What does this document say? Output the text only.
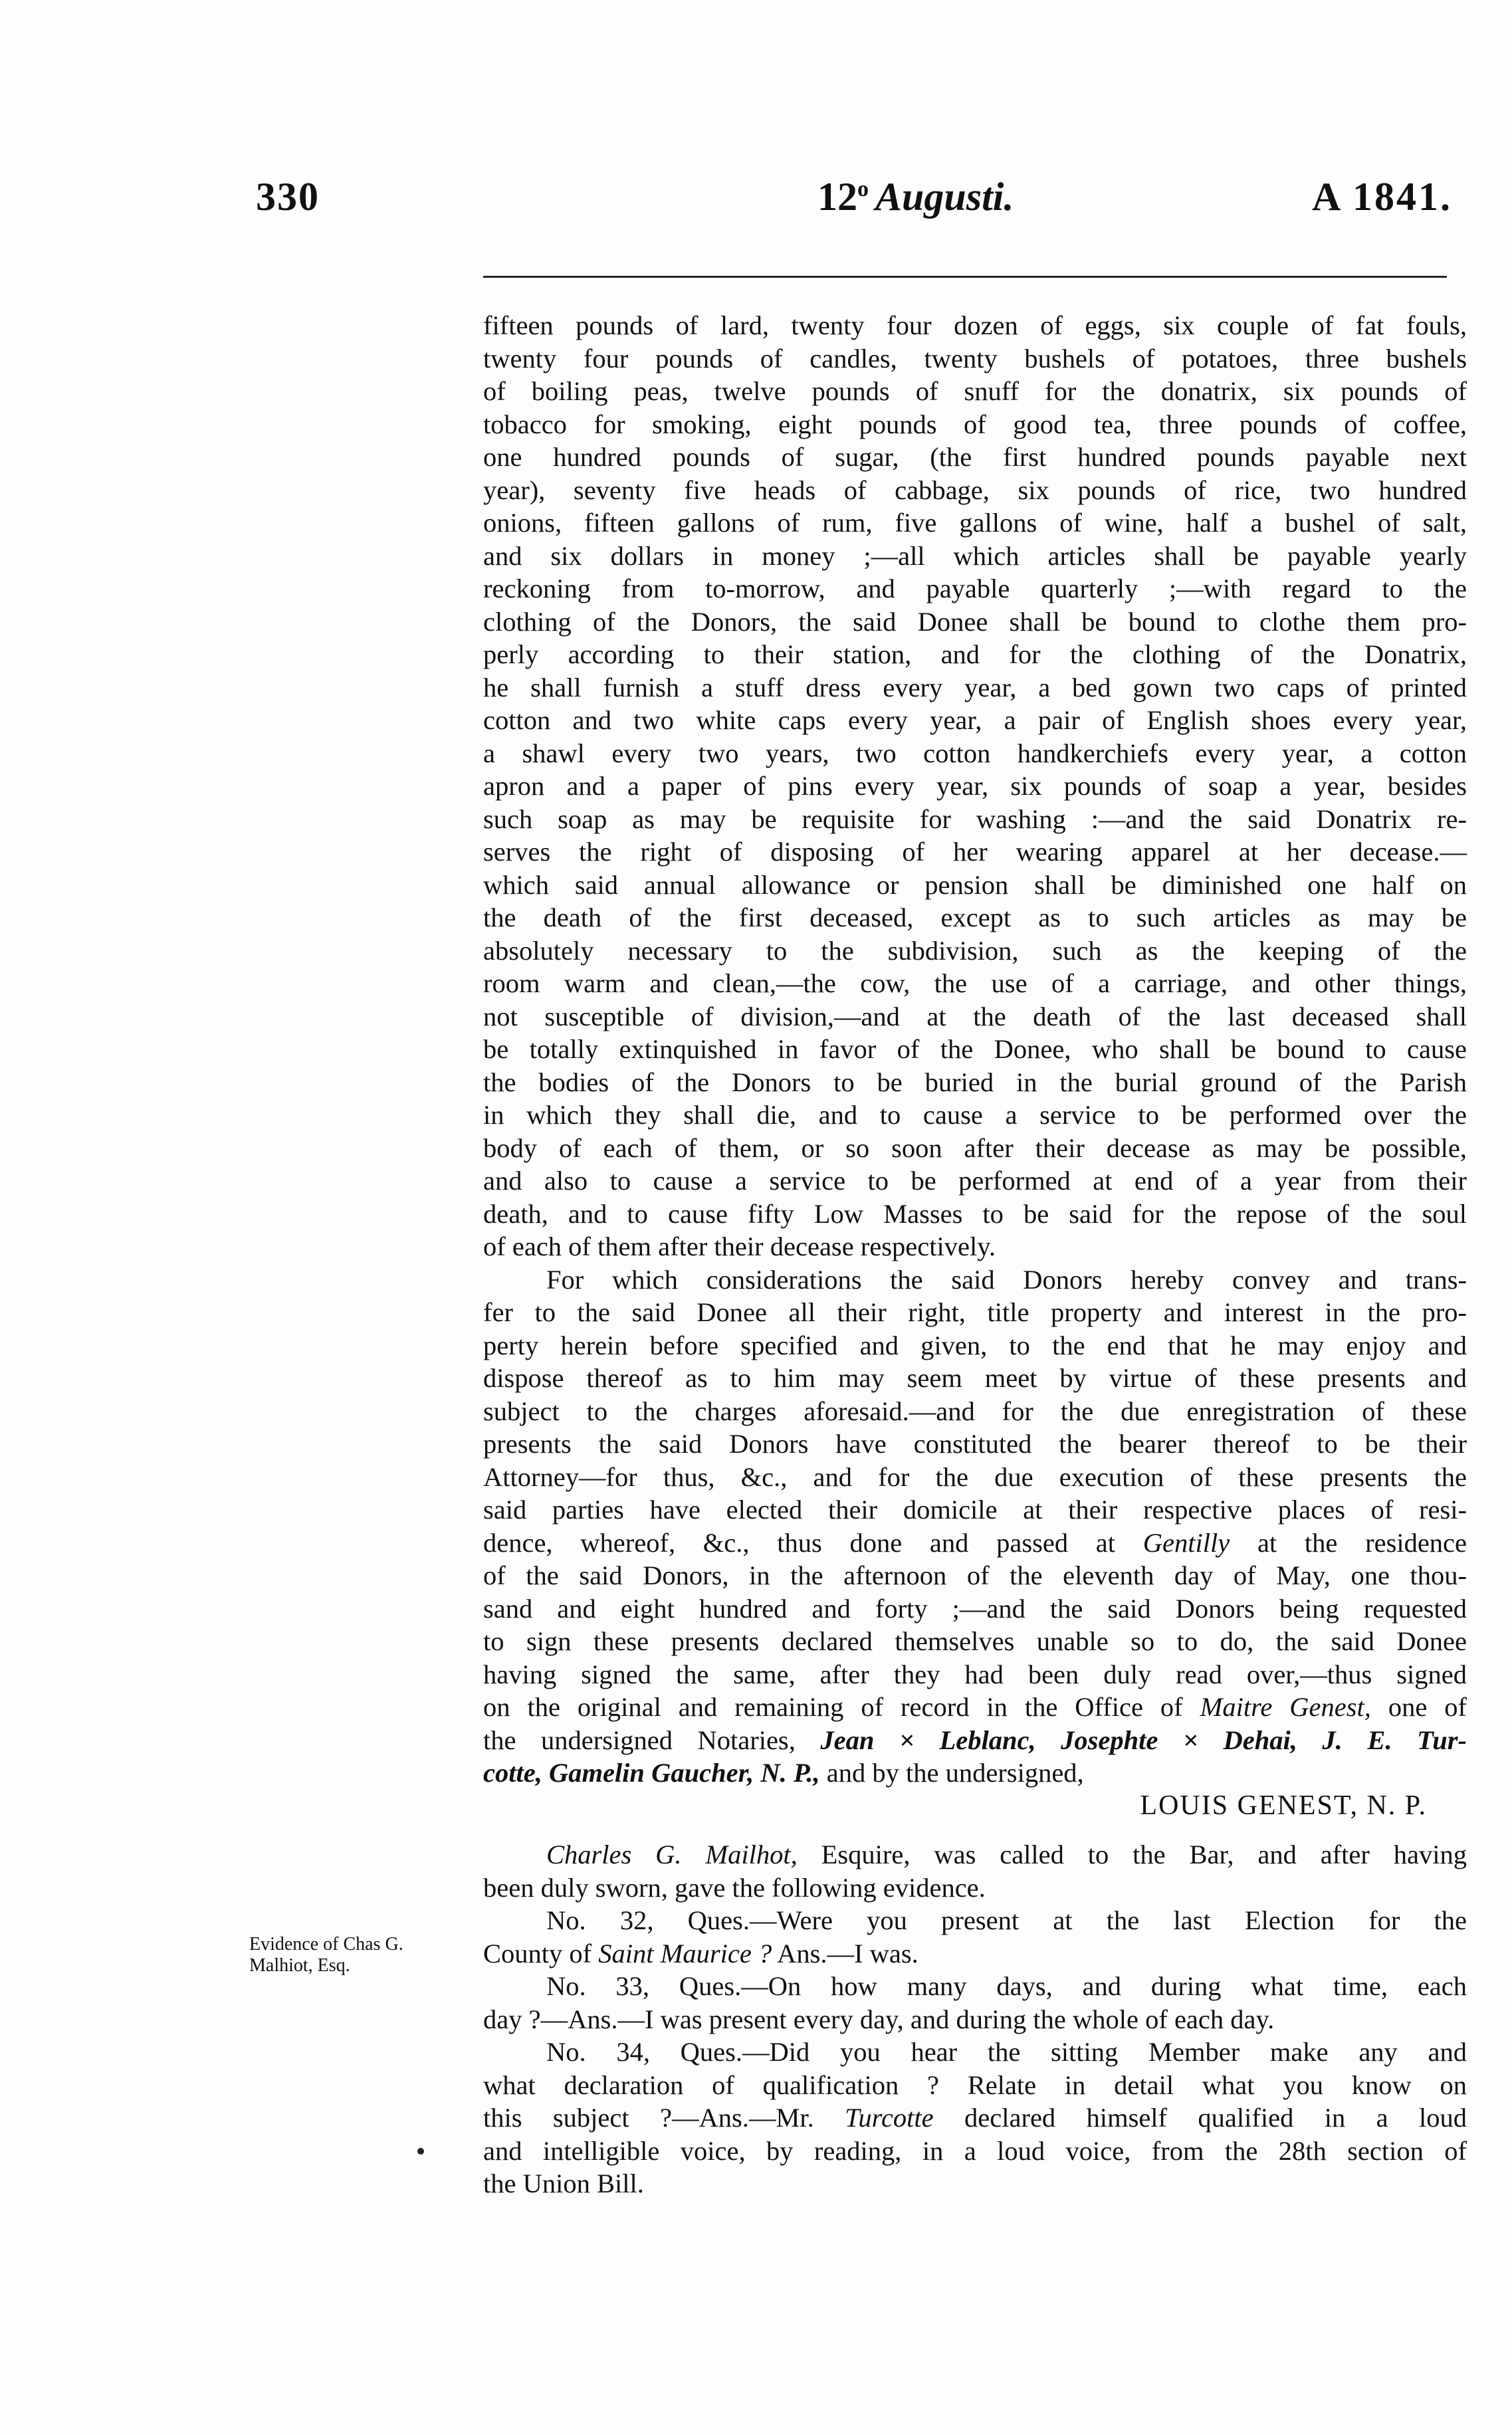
330	12$^o$ Augusti.	A 1841.
fifteen pounds of lard, twenty four dozen of eggs, six couple of fat fouls,
twenty four pounds of candles, twenty bushels of potatoes, three bushels
of boiling peas, twelve pounds of snuff for the donatrix, six pounds of
tobacco for smoking, eight pounds of good tea, three pounds of coffee,
one hundred pounds of sugar, (the first hundred pounds payable next
year), seventy five heads of cabbage, six pounds of rice, two hundred
onions, fifteen gallons of rum, five gallons of wine, half a bushel of salt,
and six dollars in money ;—all which articles shall be payable yearly
reckoning from to-morrow, and payable quarterly ;—with regard to the
clothing of the Donors, the said Donee shall be bound to clothe them pro-
perly according to their station, and for the clothing of the Donatrix,
he shall furnish a stuff dress every year, a bed gown two caps of printed
cotton and two white caps every year, a pair of English shoes every year,
a shawl every two years, two cotton handkerchiefs every year, a cotton
apron and a paper of pins every year, six pounds of soap a year, besides
such soap as may be requisite for washing :—and the said Donatrix re-
serves the right of disposing of her wearing apparel at her decease.—
which said annual allowance or pension shall be diminished one half on
the death of the first deceased, except as to such articles as may be
absolutely necessary to the subdivision, such as the keeping of the
room warm and clean,—the cow, the use of a carriage, and other things,
not susceptible of division,—and at the death of the last deceased shall
be totally extinquished in favor of the Donee, who shall be bound to cause
the bodies of the Donors to be buried in the burial ground of the Parish
in which they shall die, and to cause a service to be performed over the
body of each of them, or so soon after their decease as may be possible,
and also to cause a service to be performed at end of a year from their
death, and to cause fifty Low Masses to be said for the repose of the soul
of each of them after their decease respectively.
For which considerations the said Donors hereby convey and trans-
fer to the said Donee all their right, title property and interest in the pro-
perty herein before specified and given, to the end that he may enjoy and
dispose thereof as to him may seem meet by virtue of these presents and
subject to the charges aforesaid.—and for the due enregistration of these
presents the said Donors have constituted the bearer thereof to be their
Attorney—for thus, &c., and for the due execution of these presents the
said parties have elected their domicile at their respective places of resi-
dence, whereof, &c., thus done and passed at Gentilly at the residence
of the said Donors, in the afternoon of the eleventh day of May, one thou-
sand and eight hundred and forty ;—and the said Donors being requested
to sign these presents declared themselves unable so to do, the said Donee
having signed the same, after they had been duly read over,—thus signed
on the original and remaining of record in the Office of Maitre Genest, one of
the undersigned Notaries, Jean × Leblanc, Josephte × Dehai, J. E. Tur-
cotte, Gamelin Gaucher, N. P., and by the undersigned,
LOUIS GENEST, N. P.
Charles G. Mailhot, Esquire, was called to the Bar, and after having
been duly sworn, gave the following evidence.
No. 32, Ques.—Were you present at the last Election for the
County of Saint Maurice ? Ans.—I was.
No. 33, Ques.—On how many days, and during what time, each
day ?—Ans.—I was present every day, and during the whole of each day.
No. 34, Ques.—Did you hear the sitting Member make any and
what declaration of qualification ? Relate in detail what you know on
this subject ?—Ans.—Mr. Turcotte declared himself qualified in a loud
and intelligible voice, by reading, in a loud voice, from the 28th section of
the Union Bill.
Evidence of Chas G.
Malhiot, Esq.
